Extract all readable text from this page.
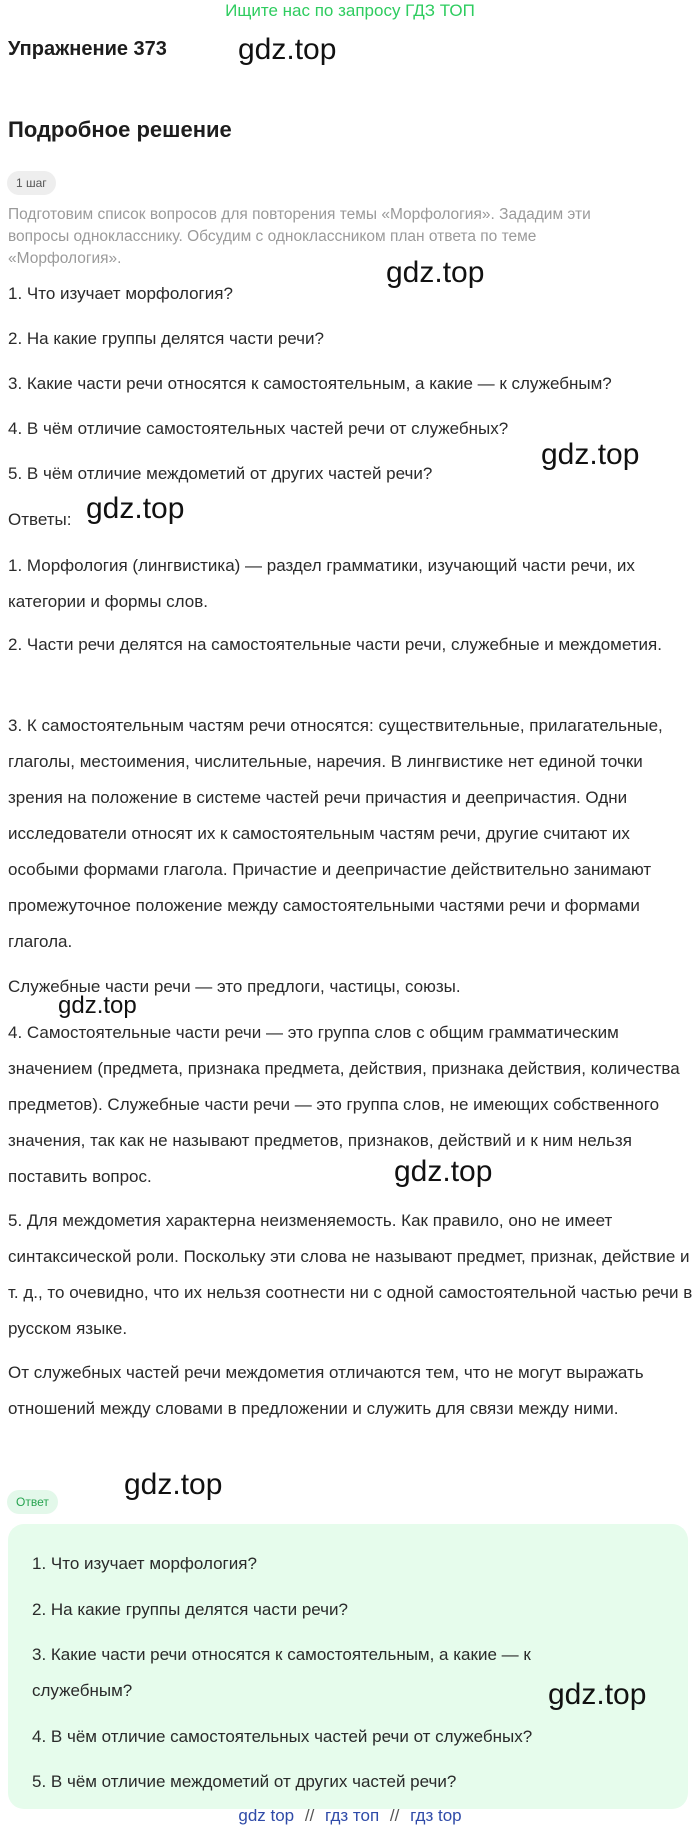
Ищите нас по запросу ГДЗ ТОП
Упражнение 373 gdz.top
Подробное решение
1 шаг
Подготовим список вопросов для повторения темы «Морфология». Зададим эти вопросы однокласснику. Обсудим с одноклассником план ответа по теме «Морфология».	gdz.top
1. Что изучает морфология?
2. На какие группы делятся части речи?
3. Какие части речи относятся к самостоятельным, а какие — к служебным?
4. В чём отличие самостоятельных частей речи от служебных?
gdz.top
5. В чём отличие междометий от других частей речи?
Ответы: gdz.top
1. Морфология (лингвистика) — раздел грамматики, изучающий части речи, их категории и формы слов.
2. Части речи делятся на самостоятельные части речи, служебные и междометия.
3. К самостоятельным частям речи относятся: существительные, прилагательные, глаголы, местоимения, числительные, наречия. В лингвистике нет единой точки зрения на положение в системе частей речи причастия и деепричастия. Одни исследователи относят их к самостоятельным частям речи, другие считают их особыми формами глагола. Причастие и деепричастие действительно занимают промежуточное положение между самостоятельными частями речи и формами глагола.
Служебные части речи — это предлоги, частицы, союзы.
gdz.top
4. Самостоятельные части речи — это группа слов с общим грамматическим значением (предмета, признака предмета, действия, признака действия, количества предметов). Служебные части речи — это группа слов, не имеющих собственного значения, так как не называют предметов, признаков, действий и к ним нельзя поставить вопрос.	gdz.top
5. Для междометия характерна неизменяемость. Как правило, оно не имеет синтаксической роли. Поскольку эти слова не называют предмет, признак, действие и т. д., то очевидно, что их нельзя соотнести ни с одной самостоятельной частью речи в русском языке.
От служебных частей речи междометия отличаются тем, что не могут выражать отношений между словами в предложении и служить для связи между ними.
Ответ
gdz.top
1. Что изучает морфология?
2. На какие группы делятся части речи?
3. Какие части речи относятся к самостоятельным, а какие — к служебным?	gdz.top
4. В чём отличие самостоятельных частей речи от служебных?
5. В чём отличие междометий от других частей речи?
gdz top // гдз топ // гдз top
